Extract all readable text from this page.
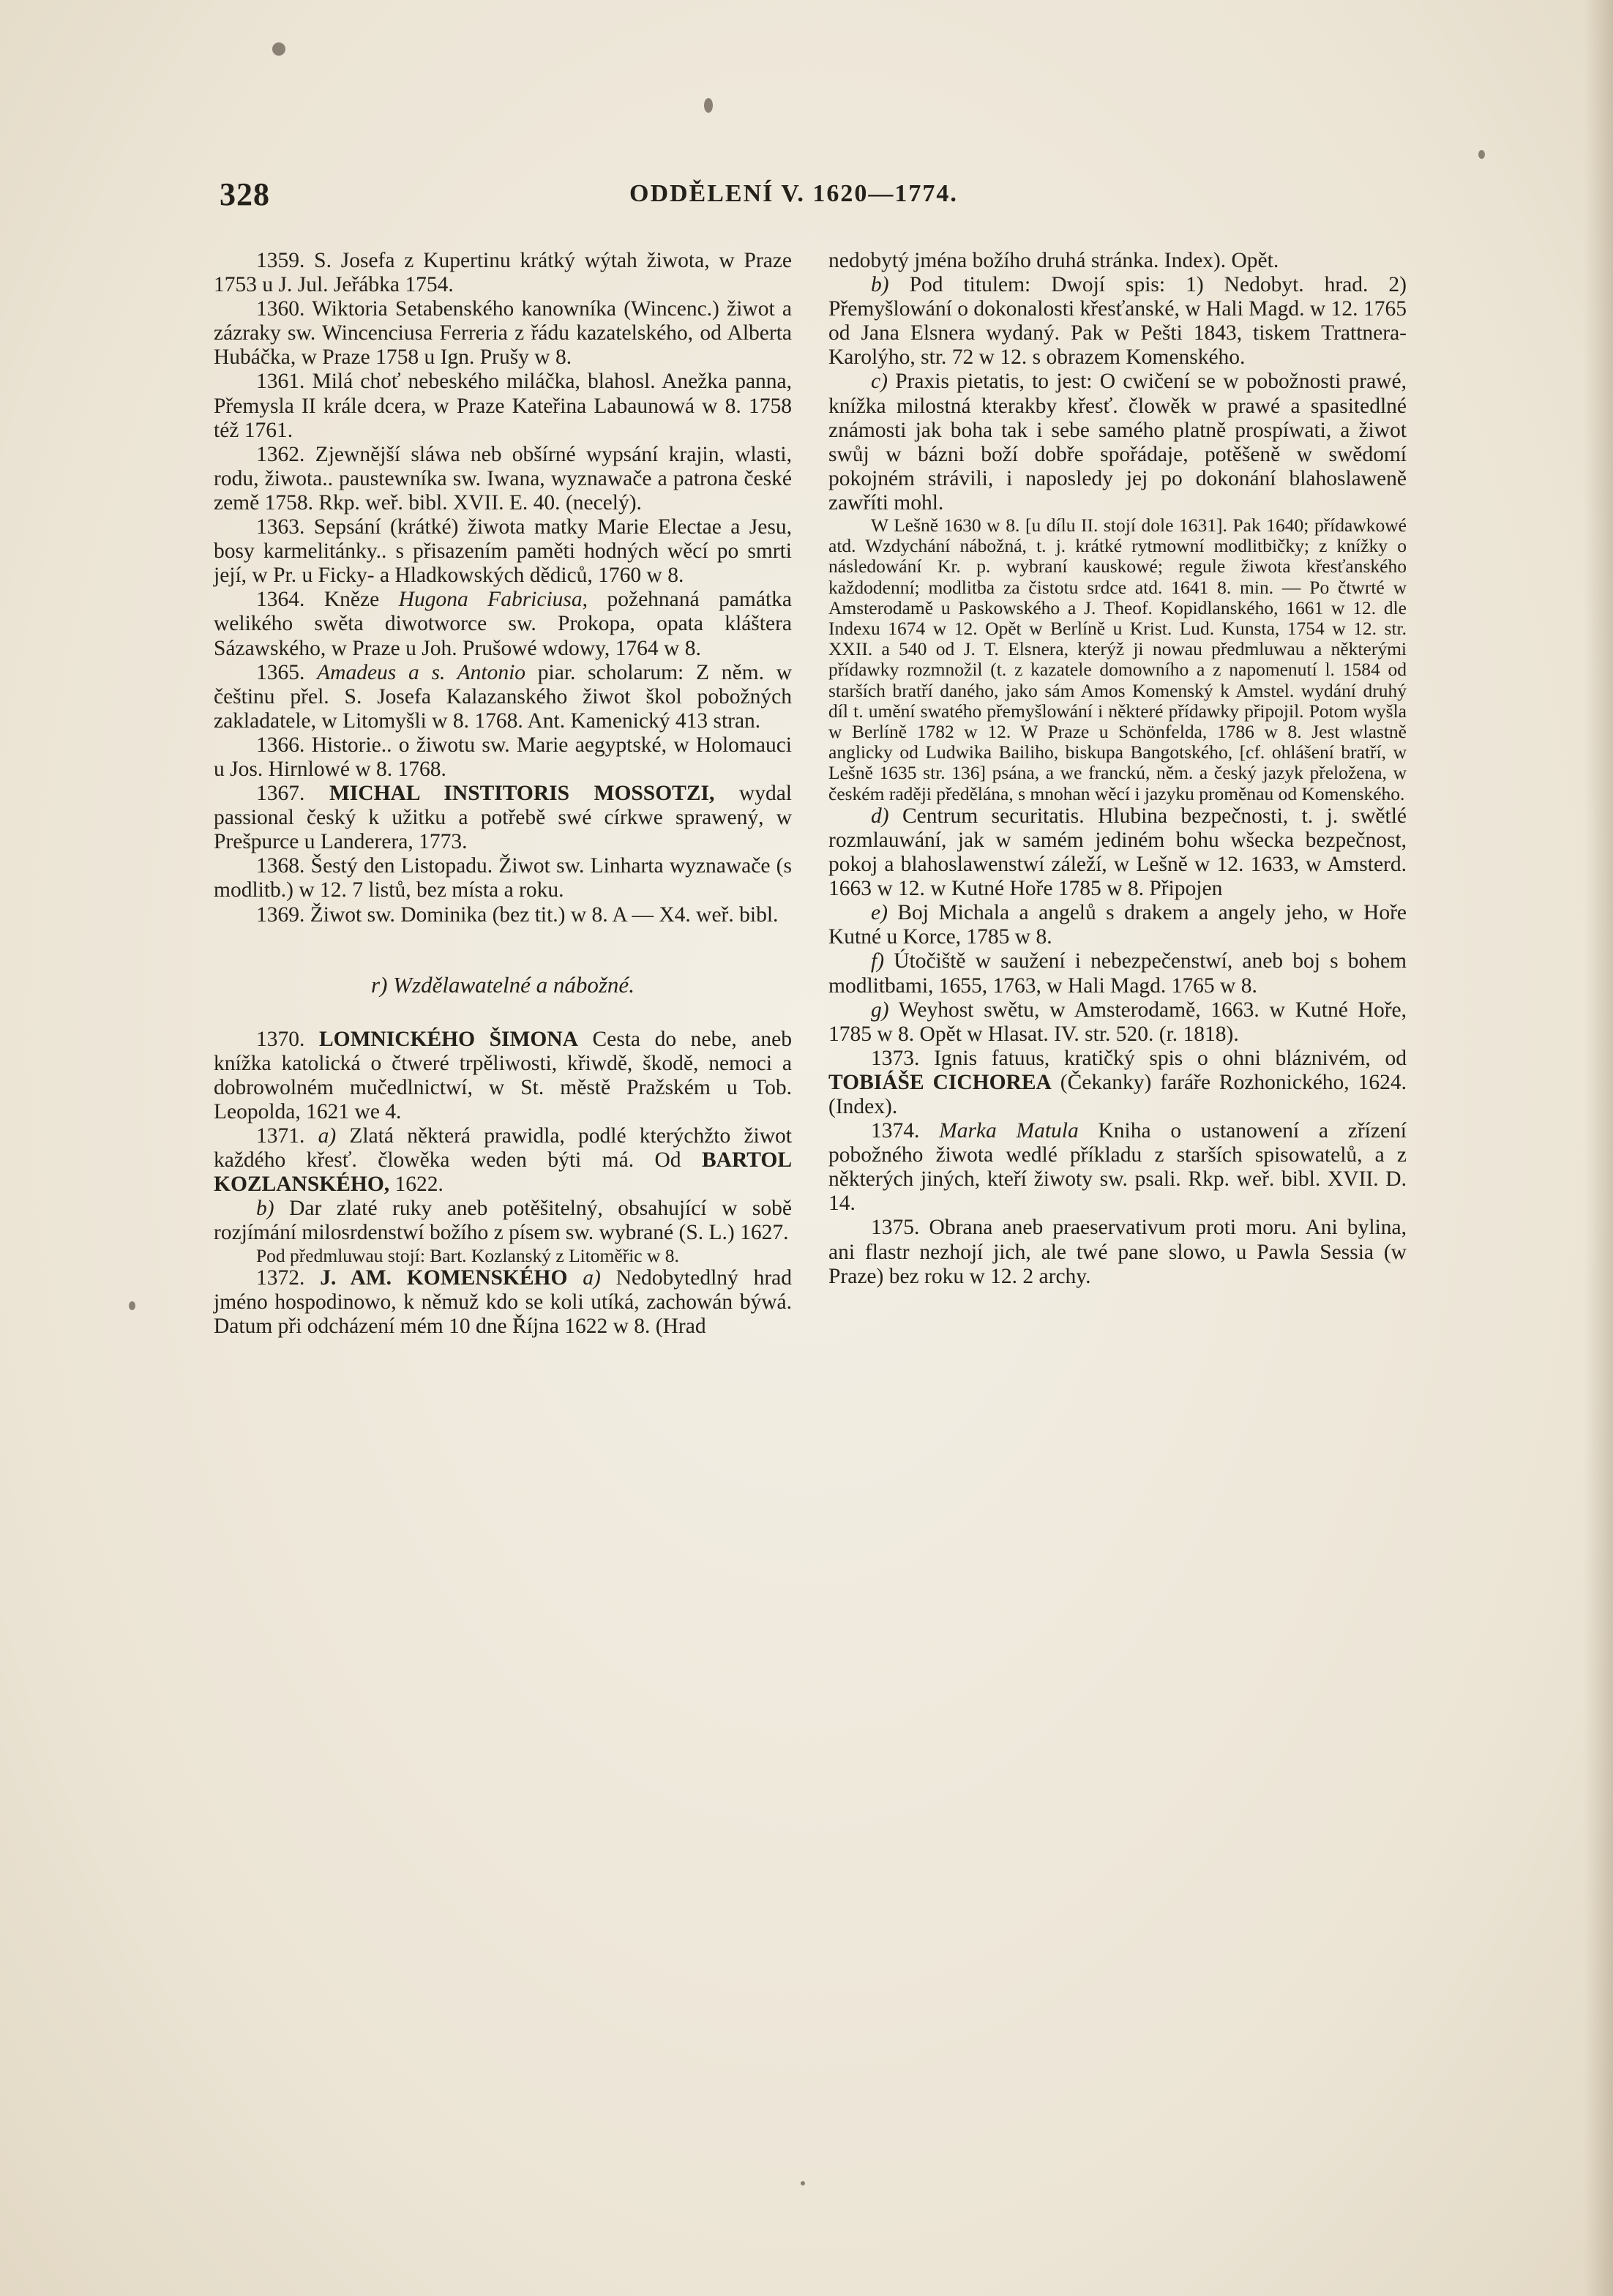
328	ODDĚLENÍ V. 1620—1774.

1359. S. Josefa z Kupertinu krátký wýtah žiwota, w Praze 1753 u J. Jul. Jeřábka 1754.

1360. Wiktoria Setabenského kanowníka (Wincenc.) žiwot a zázraky sw. Wincenciusa Ferreria z řádu kazatelského, od Alberta Hubáčka, w Praze 1758 u Ign. Prušy w 8.

1361. Milá choť nebeského miláčka, blahosl. Anežka panna, Přemysla II krále dcera, w Praze Kateřina Labaunowá w 8. 1758 též 1761.

1362. Zjewnější sláwa neb obšírné wypsání krajin, wlasti, rodu, žiwota.. paustewníka sw. Iwana, wyznawače a patrona české země 1758. Rkp. weř. bibl. XVII. E. 40. (necelý).

1363. Sepsání (krátké) žiwota matky Marie Electae a Jesu, bosy karmelitánky.. s přisazením paměti hodných wěcí po smrti její, w Pr. u Ficky- a Hladkowských dědiců, 1760 w 8.

1364. Kněze Hugona Fabriciusa, požehnaná památka welikého swěta diwotworce sw. Prokopa, opata kláštera Sázawského, w Praze u Joh. Prušowé wdowy, 1764 w 8.

1365. Amadeus a s. Antonio piar. scholarum: Z něm. w češtinu přel. S. Josefa Kalazanského žiwot škol pobožných zakladatele, w Litomyšli w 8. 1768. Ant. Kamenický 413 stran.

1366. Historie.. o žiwotu sw. Marie aegyptské, w Holomauci u Jos. Hirnlowé w 8. 1768.

1367. MICHAL INSTITORIS MOSSOTZI, wydal passional český k užitku a potřebě swé církwe sprawený, w Prešpurce u Landerera, 1773.

1368. Šestý den Listopadu. Žiwot sw. Linharta wyznawače (s modlitb.) w 12. 7 listů, bez místa a roku.

1369. Žiwot sw. Dominika (bez tit.) w 8. A — X4. weř. bibl.

r) Wzdělawatelné a nábožné.

1370. LOMNICKÉHO ŠIMONA Cesta do nebe, aneb knížka katolická o čtweré trpěliwosti, křiwdě, škodě, nemoci a dobrowolném mučedlnictwí, w St. městě Pražském u Tob. Leopolda, 1621 we 4.

1371. a) Zlatá některá prawidla, podlé kterýchžto žiwot každého křesť. člowěka weden býti má. Od BARTOL KOZLANSKÉHO, 1622.

b) Dar zlaté ruky aneb potěšitelný, obsahující w sobě rozjímání milosrdenstwí božího z písem sw. wybrané (S. L.) 1627.

Pod předmluwau stojí: Bart. Kozlanský z Litoměřic w 8.

1372. J. AM. KOMENSKÉHO a) Nedobytedlný hrad jméno hospodinowo, k němuž kdo se koli utíká, zachowán býwá. Datum při odcházení mém 10 dne Října 1622 w 8. (Hrad

nedobytý jména božího druhá stránka. Index). Opět.

b) Pod titulem: Dwojí spis: 1) Nedobyt. hrad. 2) Přemyšlowání o dokonalosti křesťanské, w Hali Magd. w 12. 1765 od Jana Elsnera wydaný. Pak w Pešti 1843, tiskem Trattnera-Karolýho, str. 72 w 12. s obrazem Komenského.

c) Praxis pietatis, to jest: O cwičení se w pobožnosti prawé, knížka milostná kterakby křesť. člowěk w prawé a spasitedlné známosti jak boha tak i sebe samého platně prospíwati, a žiwot swůj w bázni boží dobře spořádaje, potěšeně w swědomí pokojném strávili, i naposledy jej po dokonání blahoslaweně zawříti mohl.

W Lešně 1630 w 8. [u dílu II. stojí dole 1631]. Pak 1640; přídawkowé atd. Wzdychání nábožná, t. j. krátké rytmowní modlitbičky; z knížky o následowání Kr. p. wybraní kauskowé; regule žiwota křesťanského každodenní; modlitba za čistotu srdce atd. 1641 8. min. — Po čtwrté w Amsterodamě u Paskowského a J. Theof. Kopidlanského, 1661 w 12. dle Indexu 1674 w 12. Opět w Berlíně u Krist. Lud. Kunsta, 1754 w 12. str. XXII. a 540 od J. T. Elsnera, kterýž ji nowau předmluwau a některými přídawky rozmnožil (t. z kazatele domowního a z napomenutí l. 1584 od starších bratří daného, jako sám Amos Komenský k Amstel. wydání druhý díl t. umění swatého přemyšlowání i některé přídawky připojil. Potom wyšla w Berlíně 1782 w 12. W Praze u Schönfelda, 1786 w 8. Jest wlastně anglicky od Ludwika Bailiho, biskupa Bangotského, [cf. ohlášení bratří, w Lešně 1635 str. 136] psána, a we franckú, něm. a český jazyk přeložena, w českém raději předělána, s mnohan wěcí i jazyku proměnau od Komenského.

d) Centrum securitatis. Hlubina bezpečnosti, t. j. swětlé rozmlauwání, jak w samém jediném bohu wšecka bezpečnost, pokoj a blahoslawenstwí záleží, w Lešně w 12. 1633, w Amsterd. 1663 w 12. w Kutné Hoře 1785 w 8. Připojen

e) Boj Michala a angelů s drakem a angely jeho, w Hoře Kutné u Korce, 1785 w 8.

f) Útočiště w saužení i nebezpečenstwí, aneb boj s bohem modlitbami, 1655, 1763, w Hali Magd. 1765 w 8.

g) Weyhost swětu, w Amsterodamě, 1663. w Kutné Hoře, 1785 w 8. Opět w Hlasat. IV. str. 520. (r. 1818).

1373. Ignis fatuus, kratičký spis o ohni bláznivém, od TOBIÁŠE CICHOREA (Čekanky) faráře Rozhonického, 1624. (Index).

1374. Marka Matula Kniha o ustanowení a zřízení pobožného žiwota wedlé příkladu z starších spisowatelů, a z některých jiných, kteří žiwoty sw. psali. Rkp. weř. bibl. XVII. D. 14.

1375. Obrana aneb praeservativum proti moru. Ani bylina, ani flastr nezhojí jich, ale twé pane slowo, u Pawla Sessia (w Praze) bez roku w 12. 2 archy.
